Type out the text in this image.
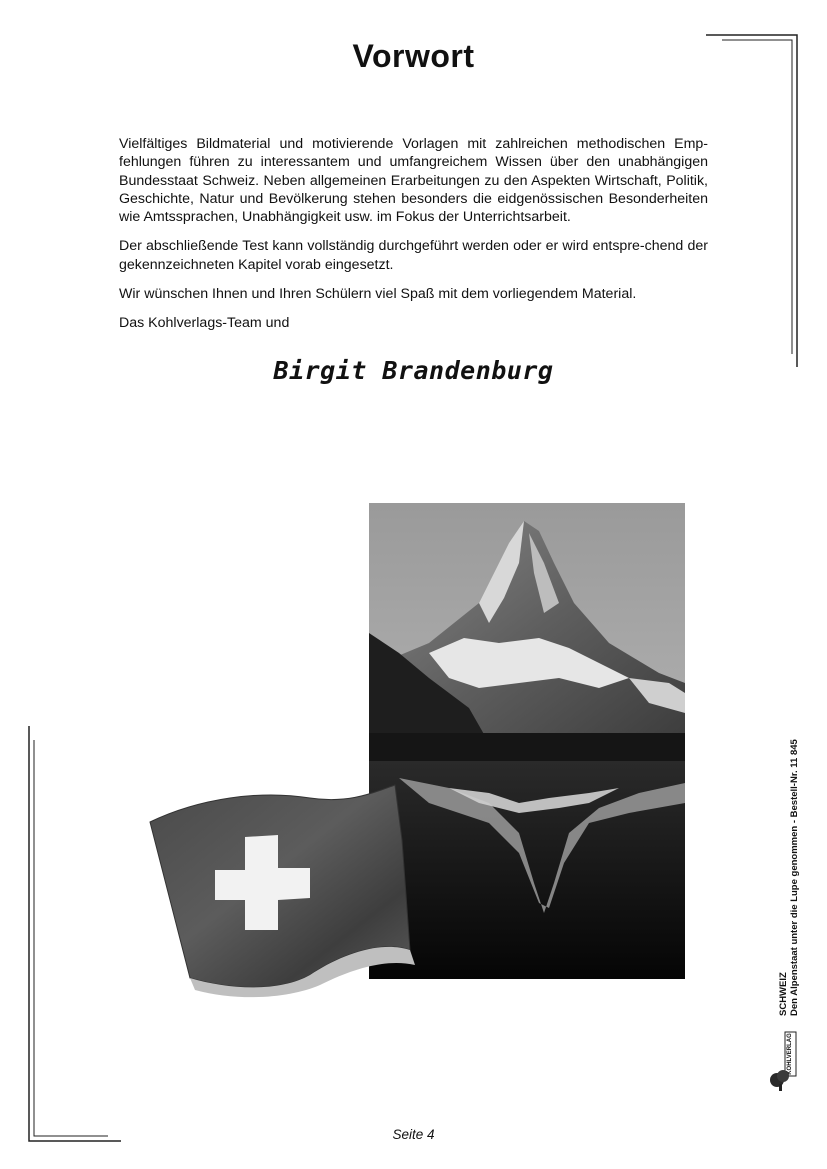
Vorwort

Vielfältiges Bildmaterial und motivierende Vorlagen mit zahlreichen methodischen Emp-fehlungen führen zu interessantem und umfangreichem Wissen über den unabhängigen Bundesstaat Schweiz. Neben allgemeinen Erarbeitungen zu den Aspekten Wirtschaft, Politik, Geschichte, Natur und Bevölkerung stehen besonders die eidgenössischen Besonderheiten wie Amtssprachen, Unabhängigkeit usw. im Fokus der Unterrichtsarbeit.

Der abschließende Test kann vollständig durchgeführt werden oder er wird entspre-chend der gekennzeichneten Kapitel vorab eingesetzt.

Wir wünschen Ihnen und Ihren Schülern viel Spaß mit dem vorliegendem Material.

Das Kohlverlags-Team und

Birgit Brandenburg
SCHWEIZ Den Alpenstaat unter die Lupe genommen - Bestell-Nr. 11 845
KOHLVERLAG
Seite 4
